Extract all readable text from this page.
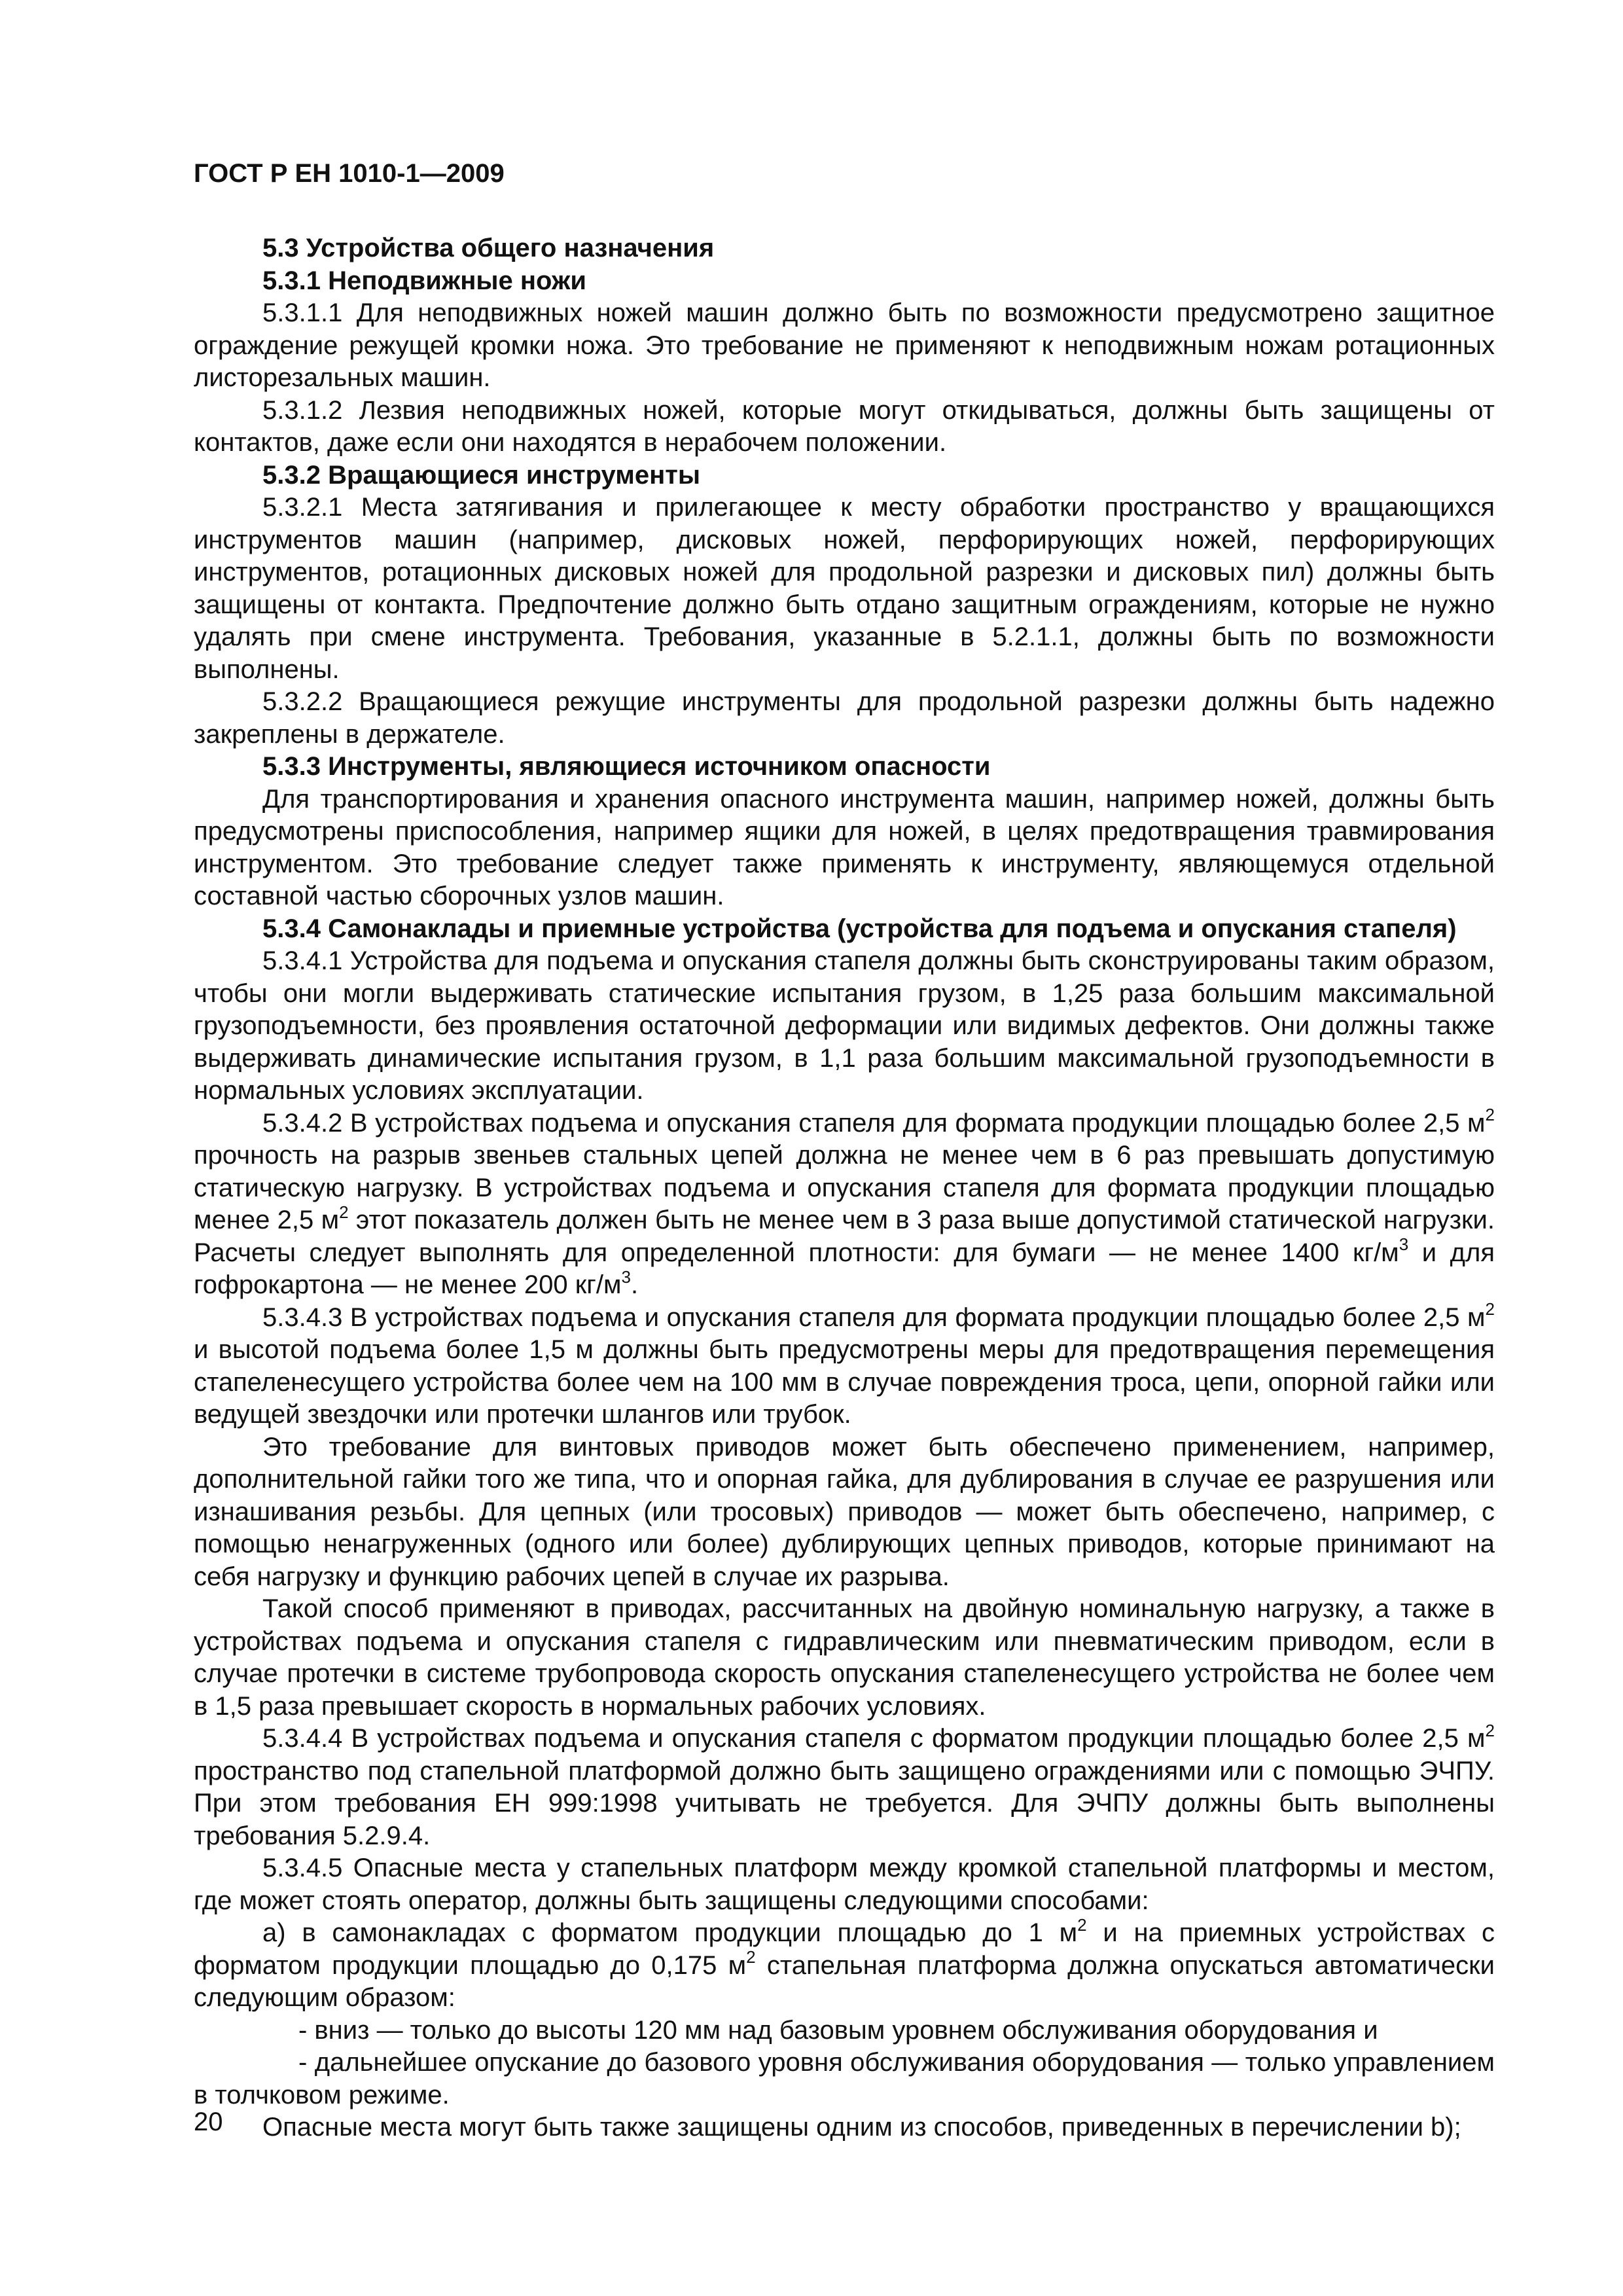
ГОСТ Р ЕН 1010-1—2009
5.3 Устройства общего назначения
5.3.1 Неподвижные ножи
5.3.1.1 Для неподвижных ножей машин должно быть по возможности предусмотрено защитное ограждение режущей кромки ножа. Это требование не применяют к неподвижным ножам ротационных листорезальных машин.
5.3.1.2 Лезвия неподвижных ножей, которые могут откидываться, должны быть защищены от контактов, даже если они находятся в нерабочем положении.
5.3.2 Вращающиеся инструменты
5.3.2.1 Места затягивания и прилегающее к месту обработки пространство у вращающихся инструментов машин (например, дисковых ножей, перфорирующих ножей, перфорирующих инструментов, ротационных дисковых ножей для продольной разрезки и дисковых пил) должны быть защищены от контакта. Предпочтение должно быть отдано защитным ограждениям, которые не нужно удалять при смене инструмента. Требования, указанные в 5.2.1.1, должны быть по возможности выполнены.
5.3.2.2 Вращающиеся режущие инструменты для продольной разрезки должны быть надежно закреплены в держателе.
5.3.3 Инструменты, являющиеся источником опасности
Для транспортирования и хранения опасного инструмента машин, например ножей, должны быть предусмотрены приспособления, например ящики для ножей, в целях предотвращения травмирования инструментом. Это требование следует также применять к инструменту, являющемуся отдельной составной частью сборочных узлов машин.
5.3.4 Самонаклады и приемные устройства (устройства для подъема и опускания стапеля)
5.3.4.1 Устройства для подъема и опускания стапеля должны быть сконструированы таким образом, чтобы они могли выдерживать статические испытания грузом, в 1,25 раза большим максимальной грузоподъемности, без проявления остаточной деформации или видимых дефектов. Они должны также выдерживать динамические испытания грузом, в 1,1 раза большим максимальной грузоподъемности в нормальных условиях эксплуатации.
5.3.4.2 В устройствах подъема и опускания стапеля для формата продукции площадью более 2,5 $м^2$ прочность на разрыв звеньев стальных цепей должна не менее чем в 6 раз превышать допустимую статическую нагрузку. В устройствах подъема и опускания стапеля для формата продукции площадью менее 2,5 $м^2$ этот показатель должен быть не менее чем в 3 раза выше допустимой статической нагрузки. Расчеты следует выполнять для определенной плотности: для бумаги — не менее 1400 $кг/м^3$ и для гофрокартона — не менее 200 $кг/м^3$.
5.3.4.3 В устройствах подъема и опускания стапеля для формата продукции площадью более 2,5 $м^2$ и высотой подъема более 1,5 м должны быть предусмотрены меры для предотвращения перемещения стапеленесущего устройства более чем на 100 мм в случае повреждения троса, цепи, опорной гайки или ведущей звездочки или протечки шлангов или трубок.
Это требование для винтовых приводов может быть обеспечено применением, например, дополнительной гайки того же типа, что и опорная гайка, для дублирования в случае ее разрушения или изнашивания резьбы. Для цепных (или тросовых) приводов — может быть обеспечено, например, с помощью ненагруженных (одного или более) дублирующих цепных приводов, которые принимают на себя нагрузку и функцию рабочих цепей в случае их разрыва.
Такой способ применяют в приводах, рассчитанных на двойную номинальную нагрузку, а также в устройствах подъема и опускания стапеля с гидравлическим или пневматическим приводом, если в случае протечки в системе трубопровода скорость опускания стапеленесущего устройства не более чем в 1,5 раза превышает скорость в нормальных рабочих условиях.
5.3.4.4 В устройствах подъема и опускания стапеля с форматом продукции площадью более 2,5 $м^2$ пространство под стапельной платформой должно быть защищено ограждениями или с помощью ЭЧПУ. При этом требования ЕН 999:1998 учитывать не требуется. Для ЭЧПУ должны быть выполнены требования 5.2.9.4.
5.3.4.5 Опасные места у стапельных платформ между кромкой стапельной платформы и местом, где может стоять оператор, должны быть защищены следующими способами:
а) в самонакладах с форматом продукции площадью до 1 $м^2$ и на приемных устройствах с форматом продукции площадью до 0,175 $м^2$ стапельная платформа должна опускаться автоматически следующим образом:
- вниз — только до высоты 120 мм над базовым уровнем обслуживания оборудования и
- дальнейшее опускание до базового уровня обслуживания оборудования — только управлением в толчковом режиме.
Опасные места могут быть также защищены одним из способов, приведенных в перечислении b);
20
